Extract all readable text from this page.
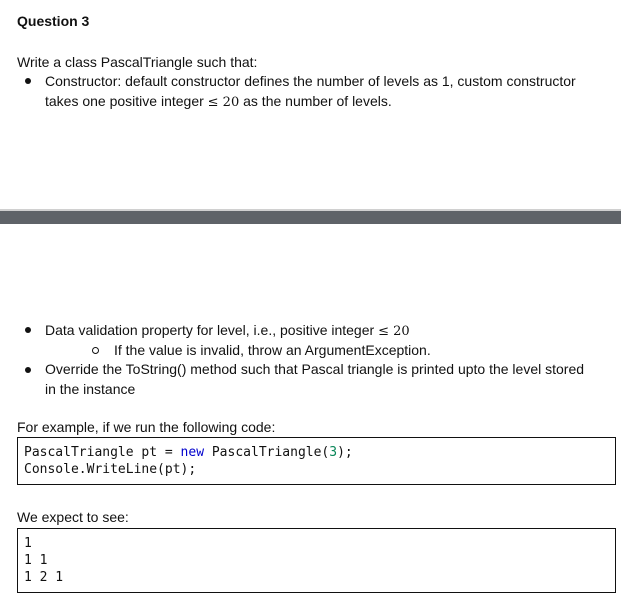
Question 3
Write a class PascalTriangle such that:
Constructor: default constructor defines the number of levels as 1, custom constructor
takes one positive integer ≤ 20 as the number of levels.
Data validation property for level, i.e., positive integer ≤ 20
If the value is invalid, throw an ArgumentException.
Override the ToString() method such that Pascal triangle is printed upto the level stored
in the instance
For example, if we run the following code:
PascalTriangle pt = new PascalTriangle(3);
Console.WriteLine(pt);
We expect to see:
1
1 1
1 2 1
